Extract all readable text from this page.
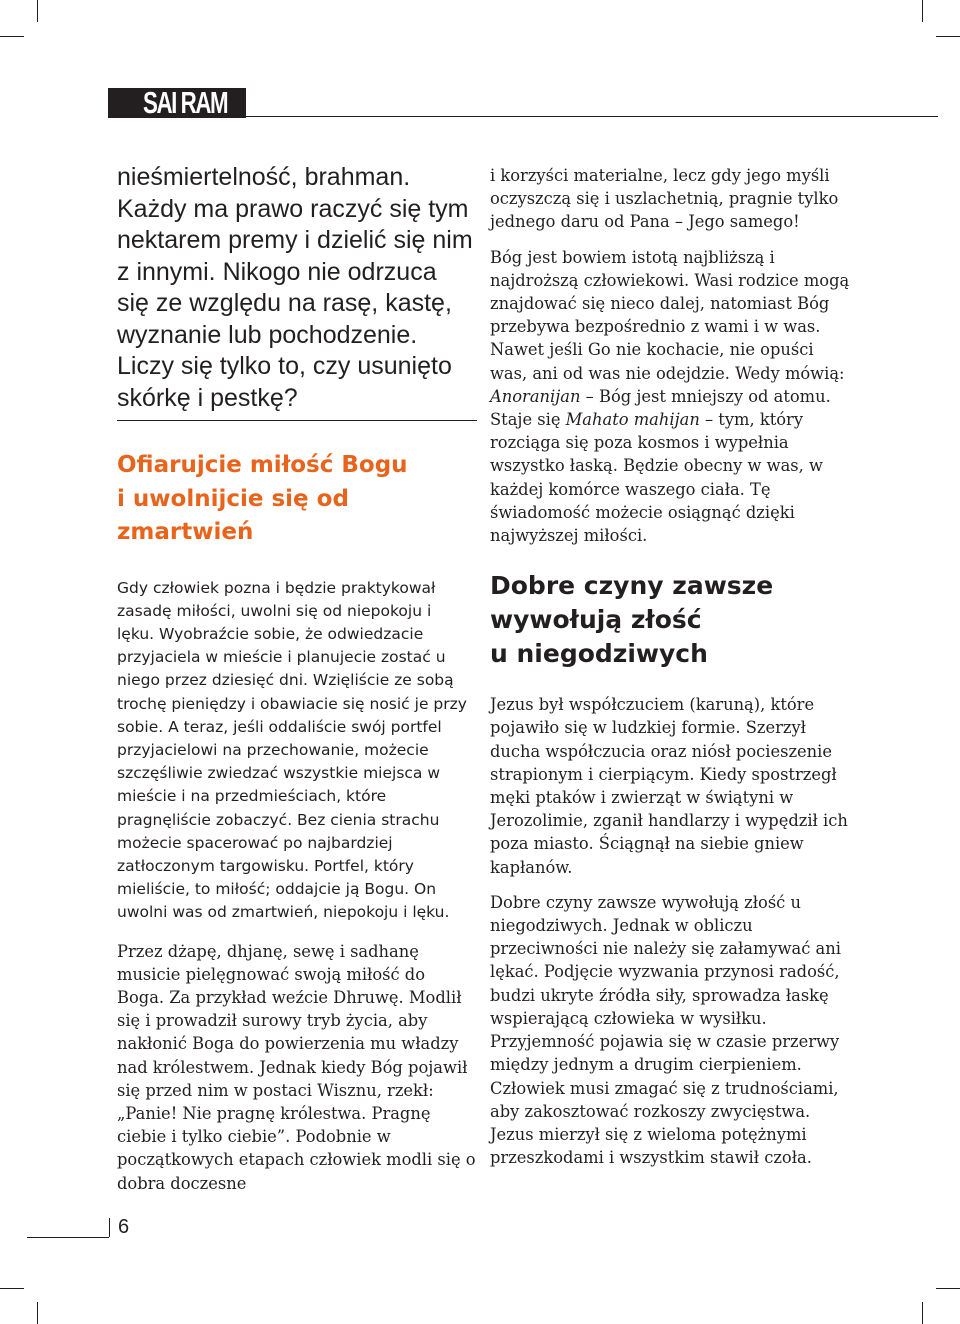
SAI RAM
nieśmiertelność, brahman.
Każdy ma prawo raczyć się tym
nektarem premy i dzielić się nim
z innymi. Nikogo nie odrzuca
się ze względu na rasę, kastę,
wyznanie lub pochodzenie.
Liczy się tylko to, czy usunięto
skórkę i pestkę?
Ofiarujcie miłość Bogu
i uwolnijcie się od
zmartwień

Gdy człowiek pozna i będzie praktykował zasadę miłości, uwolni się od niepokoju i lęku. Wyobraźcie sobie, że odwiedzacie przyjaciela w mieście i planujecie zostać u niego przez dziesięć dni. Wzięliście ze sobą trochę pieniędzy i obawiacie się nosić je przy sobie. A teraz, jeśli oddaliście swój portfel przyjacielowi na przechowanie, możecie szczęśliwie zwiedzać wszystkie miejsca w mieście i na przedmieściach, które pragnęliście zobaczyć. Bez cienia strachu możecie spacerować po najbardziej zatłoczonym targowisku. Portfel, który mieliście, to miłość; oddajcie ją Bogu. On uwolni was od zmartwień, niepokoju i lęku.

Przez dżapę, dhjanę, sewę i sadhanę musicie pielęgnować swoją miłość do Boga. Za przykład weźcie Dhruwę. Modlił się i prowadził surowy tryb życia, aby nakłonić Boga do powierzenia mu władzy nad królestwem. Jednak kiedy Bóg pojawił się przed nim w postaci Wisznu, rzekł: „Panie! Nie pragnę królestwa. Pragnę ciebie i tylko ciebie”. Podobnie w początkowych etapach człowiek modli się o dobra doczesne

i korzyści materialne, lecz gdy jego myśli oczyszczą się i uszlachetnią, pragnie tylko jednego daru od Pana – Jego samego!

Bóg jest bowiem istotą najbliższą i najdroższą człowiekowi. Wasi rodzice mogą znajdować się nieco dalej, natomiast Bóg przebywa bezpośrednio z wami i w was. Nawet jeśli Go nie kochacie, nie opuści was, ani od was nie odejdzie. Wedy mówią: Anoranijan – Bóg jest mniejszy od atomu. Staje się Mahato mahijan – tym, który rozciąga się poza kosmos i wypełnia wszystko łaską. Będzie obecny w was, w każdej komórce waszego ciała. Tę świadomość możecie osiągnąć dzięki najwyższej miłości.

Dobre czyny zawsze
wywołują złość
u niegodziwych

Jezus był współczuciem (karuną), które pojawiło się w ludzkiej formie. Szerzył ducha współczucia oraz niósł pocieszenie strapionym i cierpiącym. Kiedy spostrzegł męki ptaków i zwierząt w świątyni w Jerozolimie, zganił handlarzy i wypędził ich poza miasto. Ściągnął na siebie gniew kapłanów.

Dobre czyny zawsze wywołują złość u niegodziwych. Jednak w obliczu przeciwności nie należy się załamywać ani lękać. Podjęcie wyzwania przynosi radość, budzi ukryte źródła siły, sprowadza łaskę wspierającą człowieka w wysiłku. Przyjemność pojawia się w czasie przerwy między jednym a drugim cierpieniem. Człowiek musi zmagać się z trudnościami, aby zakosztować rozkoszy zwycięstwa. Jezus mierzył się z wieloma potężnymi przeszkodami i wszystkim stawił czoła.

6
